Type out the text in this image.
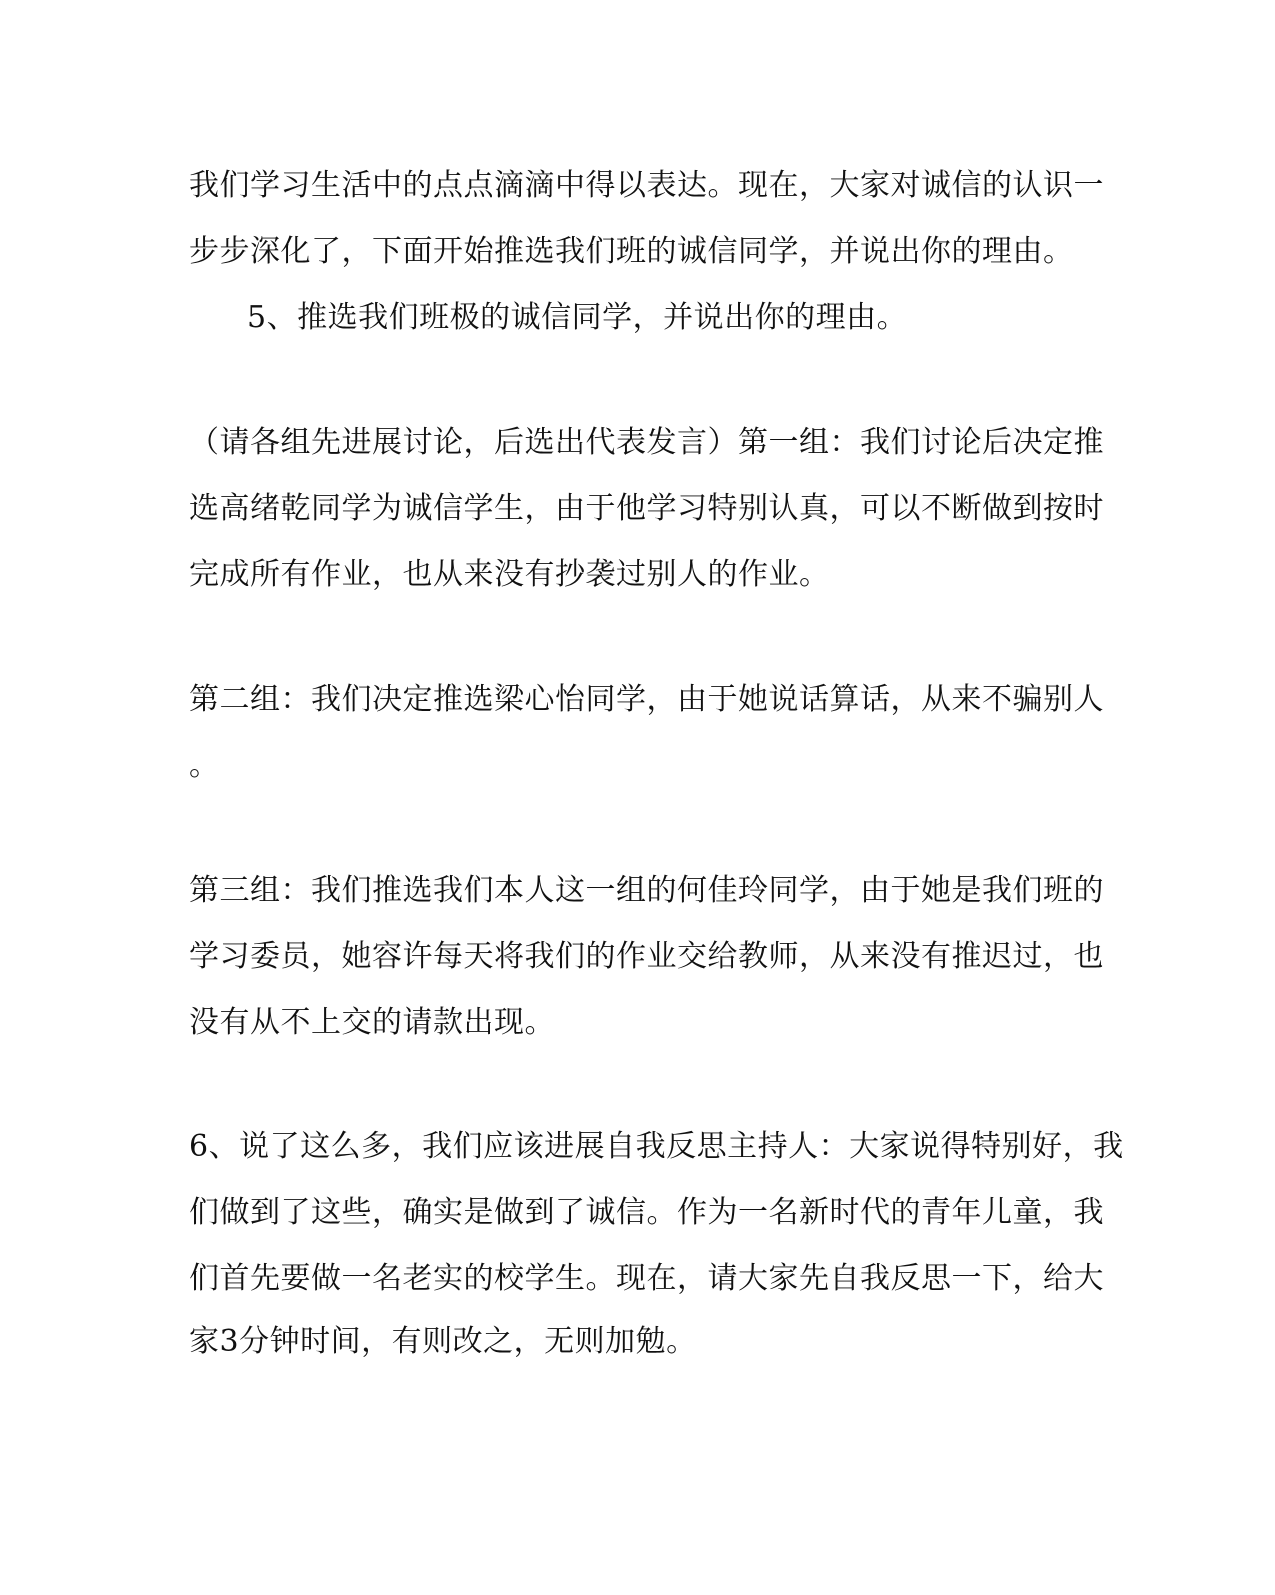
我们学习生活中的点点滴滴中得以表达。现在，大家对诚信的认识一

步步深化了，下面开始推选我们班的诚信同学，并说出你的理由。

5、推选我们班极的诚信同学，并说出你的理由。

（请各组先进展讨论，后选出代表发言）第一组：我们讨论后决定推

选高绪乾同学为诚信学生，由于他学习特别认真，可以不断做到按时

完成所有作业，也从来没有抄袭过别人的作业。

第二组：我们决定推选梁心怡同学，由于她说话算话，从来不骗别人

。

第三组：我们推选我们本人这一组的何佳玲同学，由于她是我们班的

学习委员，她容许每天将我们的作业交给教师，从来没有推迟过，也

没有从不上交的请款出现。

6、说了这么多，我们应该进展自我反思主持人：大家说得特别好，我

们做到了这些，确实是做到了诚信。作为一名新时代的青年儿童，我

们首先要做一名老实的校学生。现在，请大家先自我反思一下，给大

家3分钟时间，有则改之，无则加勉。
